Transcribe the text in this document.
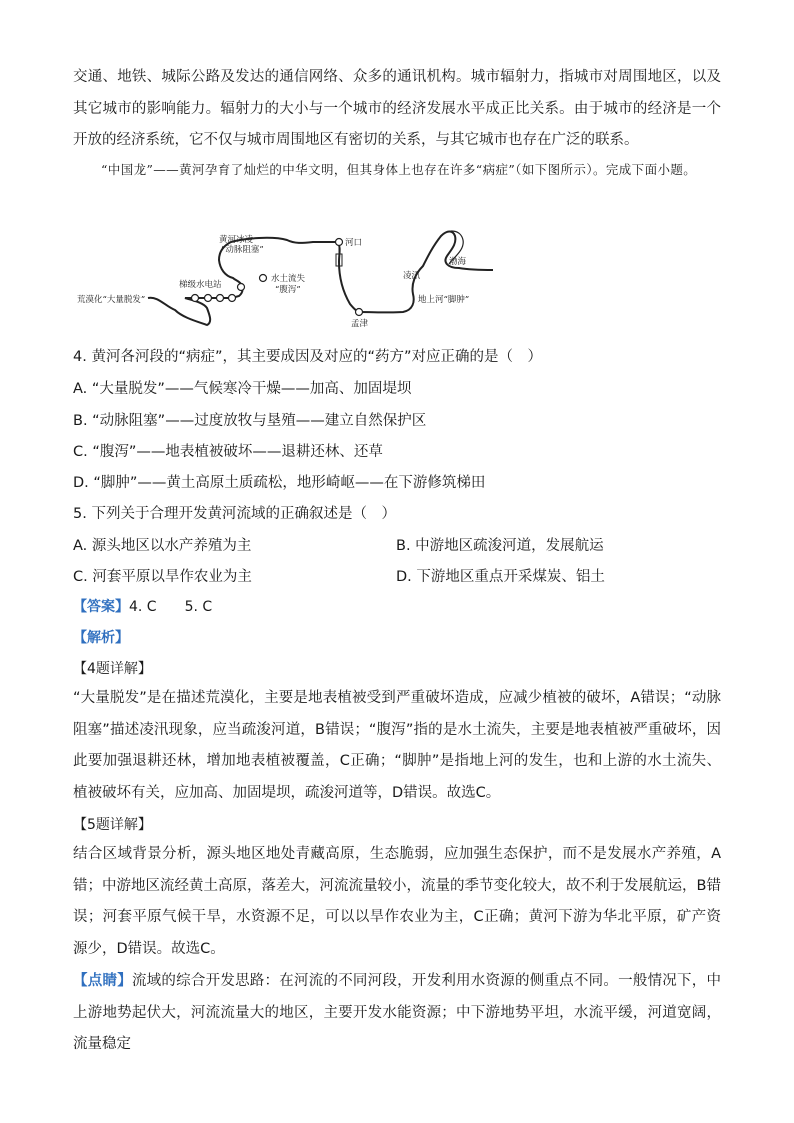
交通、地铁、城际公路及发达的通信网络、众多的通讯机构。城市辐射力，指城市对周围地区，以及其它城市的影响能力。辐射力的大小与一个城市的经济发展水平成正比关系。由于城市的经济是一个开放的经济系统，它不仅与城市周围地区有密切的关系，与其它城市也存在广泛的联系。

“中国龙”——黄河孕育了灿烂的中华文明，但其身体上也存在许多“病症”（如下图所示）。完成下面小题。

黄河冰凌
“动脉阻塞”
河口
水土流失
“腹泻”
梯级水电站
荒漠化“大量脱发”
凌汛
渤海
地上河“脚肿”
孟津
4. 黄河各河段的“病症”，其主要成因及对应的“药方”对应正确的是（　）
A. “大量脱发”——气候寒冷干燥——加高、加固堤坝
B. “动脉阻塞”——过度放牧与垦殖——建立自然保护区
C. “腹泻”——地表植被破坏——退耕还林、还草
D. “脚肿”——黄土高原土质疏松，地形崎岖——在下游修筑梯田
5. 下列关于合理开发黄河流域的正确叙述是（　）
A. 源头地区以水产养殖为主	B. 中游地区疏浚河道，发展航运
C. 河套平原以旱作农业为主	D. 下游地区重点开采煤炭、铝土
【答案】4. C　　5. C
【解析】
【4题详解】

“大量脱发”是在描述荒漠化，主要是地表植被受到严重破坏造成，应减少植被的破坏，A错误；“动脉阻塞”描述凌汛现象，应当疏浚河道，B错误；“腹泻”指的是水土流失，主要是地表植被严重破坏，因此要加强退耕还林，增加地表植被覆盖，C正确；“脚肿”是指地上河的发生，也和上游的水土流失、植被破坏有关，应加高、加固堤坝，疏浚河道等，D错误。故选C。

【5题详解】

结合区域背景分析，源头地区地处青藏高原，生态脆弱，应加强生态保护，而不是发展水产养殖，A错；中游地区流经黄土高原，落差大，河流流量较小，流量的季节变化较大，故不利于发展航运，B错误；河套平原气候干旱，水资源不足，可以以旱作农业为主，C正确；黄河下游为华北平原，矿产资源少，D错误。故选C。

【点睛】流域的综合开发思路：在河流的不同河段，开发利用水资源的侧重点不同。一般情况下，中上游地势起伏大，河流流量大的地区，主要开发水能资源；中下游地势平坦，水流平缓，河道宽阔，流量稳定
